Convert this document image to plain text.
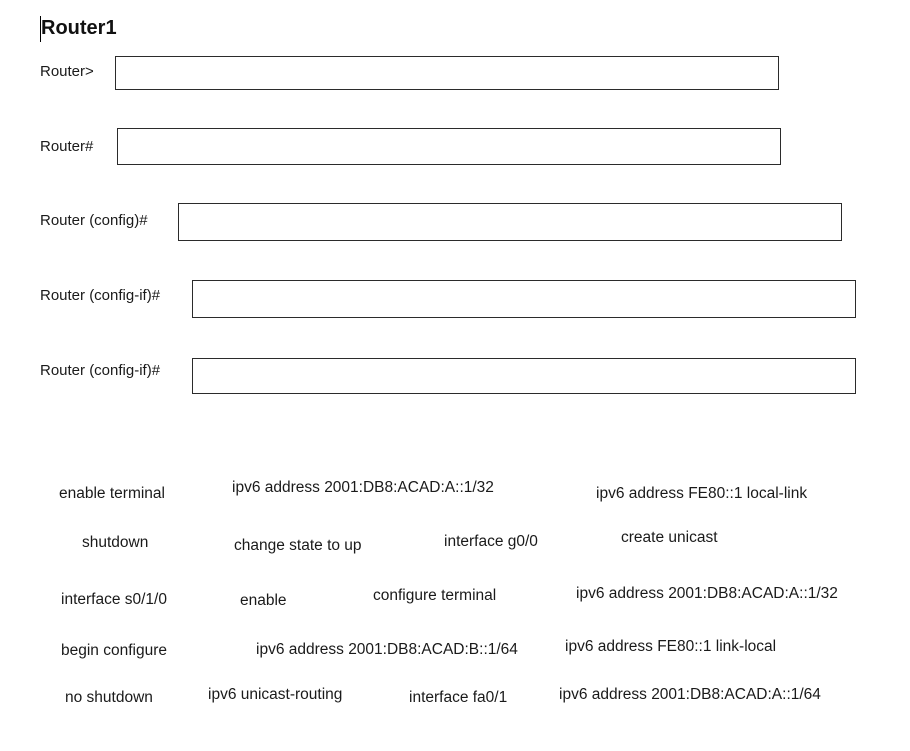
Router1
Router>
Router#
Router (config)#
Router (config-if)#
Router (config-if)#
enable terminal	ipv6 address 2001:DB8:ACAD:A::1/32	ipv6 address FE80::1 local-link
shutdown	change state to up	interface g0/0	create unicast
interface s0/1/0	enable	configure terminal	ipv6 address 2001:DB8:ACAD:A::1/32
begin configure	ipv6 address 2001:DB8:ACAD:B::1/64	ipv6 address FE80::1 link-local
no shutdown	ipv6 unicast-routing	interface fa0/1	ipv6 address 2001:DB8:ACAD:A::1/64
